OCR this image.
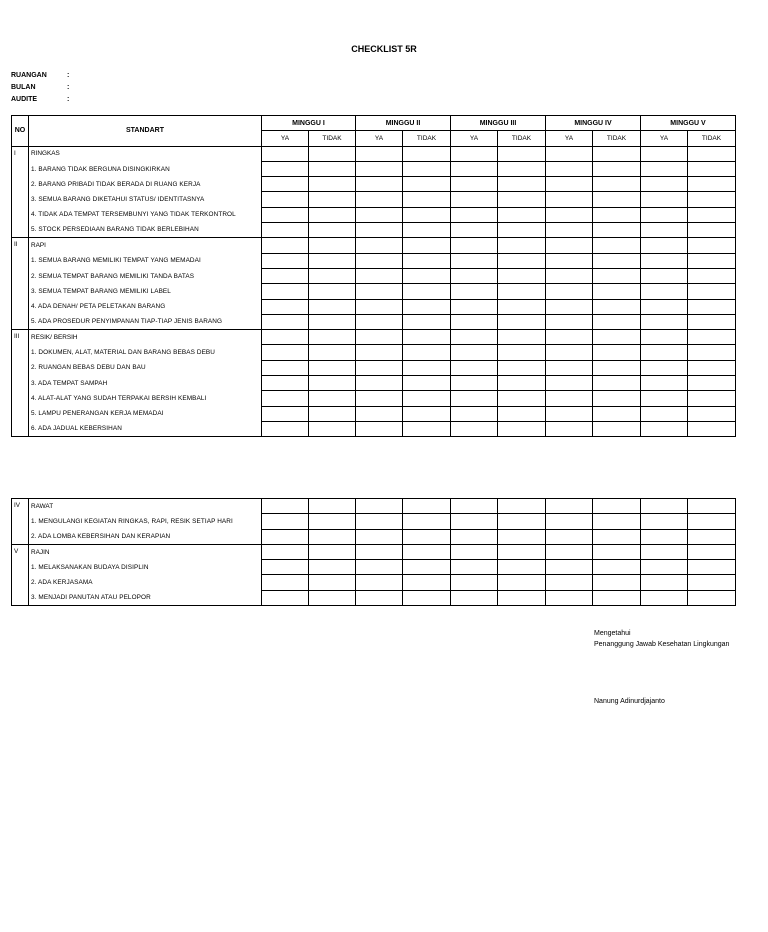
CHECKLIST 5R
RUANGAN	:
BULAN	:
AUDITE	:
NO	STANDART	MINGGU I		MINGGU II		MINGGU III		MINGGU IV		MINGGU V	
		YA	TIDAK	YA	TIDAK	YA	TIDAK	YA	TIDAK	YA	TIDAK
I	RINGKAS										
	1. BARANG TIDAK BERGUNA DISINGKIRKAN										
	2. BARANG PRIBADI TIDAK BERADA DI RUANG KERJA										
	3. SEMUA BARANG DIKETAHUI STATUS/ IDENTITASNYA										
	4. TIDAK ADA TEMPAT TERSEMBUNYI YANG TIDAK TERKONTROL										
	5. STOCK PERSEDIAAN BARANG TIDAK BERLEBIHAN										
II	RAPI										
	1. SEMUA BARANG MEMILIKI TEMPAT YANG MEMADAI										
	2. SEMUA TEMPAT BARANG MEMILIKI TANDA BATAS										
	3. SEMUA TEMPAT BARANG MEMILIKI LABEL										
	4. ADA DENAH/ PETA PELETAKAN BARANG										
	5. ADA PROSEDUR PENYIMPANAN TIAP-TIAP JENIS BARANG										
III	RESIK/ BERSIH										
	1. DOKUMEN, ALAT, MATERIAL DAN BARANG BEBAS DEBU										
	2. RUANGAN BEBAS DEBU DAN BAU										
	3. ADA TEMPAT SAMPAH										
	4. ALAT-ALAT YANG SUDAH TERPAKAI BERSIH KEMBALI										
	5. LAMPU PENERANGAN KERJA MEMADAI										
	6. ADA JADUAL KEBERSIHAN										
IV	RAWAT										
	1. MENGULANGI KEGIATAN RINGKAS, RAPI, RESIK SETIAP HARI										
	2. ADA LOMBA KEBERSIHAN DAN KERAPIAN										
V	RAJIN										
	1. MELAKSANAKAN BUDAYA DISIPLIN										
	2. ADA KERJASAMA										
	3. MENJADI PANUTAN ATAU PELOPOR										
Mengetahui
Penanggung Jawab Kesehatan Lingkungan
Nanung Adinurdjajanto
